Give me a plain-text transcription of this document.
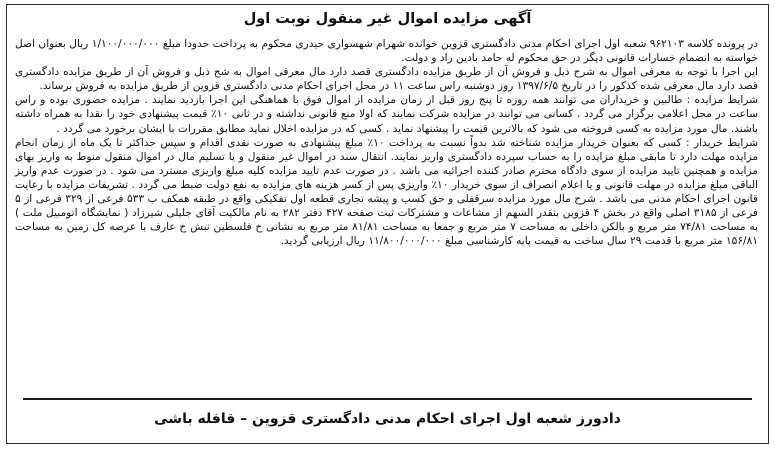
آگهی مزایده اموال غیر منقول نوبت اول

در پرونده کلاسه ۹۶۲۱۰۳ شعبه اول اجرای احکام مدنی دادگستری قزوین خوانده شهرام شهسواری حیدری محکوم به پرداخت حدودا مبلغ ۱/۱۰۰/۰۰۰/۰۰۰ ریال بعنوان اصل خواسته به انضمام خسارات قانونی دیگر در حق محکوم له حامد بادین راد و دولت.

این اجرا با توجه به معرفی اموال به شرح ذیل و فروش آن از طریق مزایده دادگستری قصد دارد مال معرفی اموال به شح ذیل و فروش آن از طریق مزایده دادگستری قصد دارد مال معرفی شده کذکور را در تاریخ ۱۳۹۷/۶/۵ روز دوشنبه راس ساعت ۱۱ در محل اجرای احکام مدنی دادگستری قزوین از طریق مزایده به فروش برساند.

شرایط مزایده : طالبین و خریداران می توانند همه روزه تا پنج روز قبل از زمان مزایده از اموال فوق با هماهنگی این اجرا بازدید نمایند . مزایده حضوری بوده و راس ساعت در محل اعلامی برگزار می گردد . کسانی می توانند در مزایده شرکت نمایند که اولا منع قانونی نداشته و در ثانی ۱۰٪ قیمت پیشنهادی خود را نقدا به همراه داشته باشند. مال مورد مزایده به کسی فروخته می شود که بالاترین قیمت را پیشنهاد نماید . کسی که در مزایده اخلال نماید مطابق مقررات با ایشان برخورد می گردد .

شرایط خریدار : کسی که بعنوان خریدار مزایده شناخته شد بدواً نسبت به پرداخت ۱۰٪ مبلغ پیشنهادی به صورت نقدی اقدام و سپس حداکثر تا یک ماه از زمان انجام مزایده مهلت دارد تا مابقی مبلغ مزایده را به حساب سپرده دادگستری واریز نمایند. انتقال سند در اموال غیر منقول و یا تسلیم مال در اموال منقول منوط به واریز بهای مزایده و همچنین تایید مزایده از سوی دادگاه محترم صادر کننده اجرائیه می باشد . در صورت عدم تایید مزایده کلیه مبلغ واریزی مسترد می شود . در صورت عدم واریز الباقی مبلغ مزایده در مهلت قانونی و یا اعلام انصراف از سوی خریدار ۱۰٪ واریزی پس از کسر هزینه های مزایده به نفع دولت ضبط می گردد . تشریفات مزایده با رعایت قانون اجرای احکام مدنی می باشد . شرح مال مورد مزایده سرقفلی و حق کسب و پیشه تجاری قطعه اول تفکیکی واقع در طبقه همکف ب ۵۳۳ فرعی از ۳۲۹ فرعی از ۵ فرعی از ۳۱۸۵ اصلی واقع در بخش ۴ قزوین بتقدر السهم از مشاعات و مشترکات ثبت صفحه ۴۲۷ دفتر ۲۸۲ به نام مالکیت آقای جلیلی شیرزاد ( نمایشگاه اتومبیل ملت ) به مساحت ۷۴/۸۱ متر مربع و بالکن داخلی به مساحت ۷ متر مربع و جمعا به مساحت ۸۱/۸۱ متر مربع به نشانی خ فلسطین نبش خ عارف با عرصه کل زمین به مساحت ۱۵۶/۸۱ متر مربع با قدمت ۲۹ سال ساخت به قیمت پایه کارشناسی مبلغ ۱۱/۸۰۰/۰۰۰/۰۰۰ ریال ارزیابی گردید.

دادورز شعبه اول اجرای احکام مدنی دادگستری قزوین – قافله باشی
